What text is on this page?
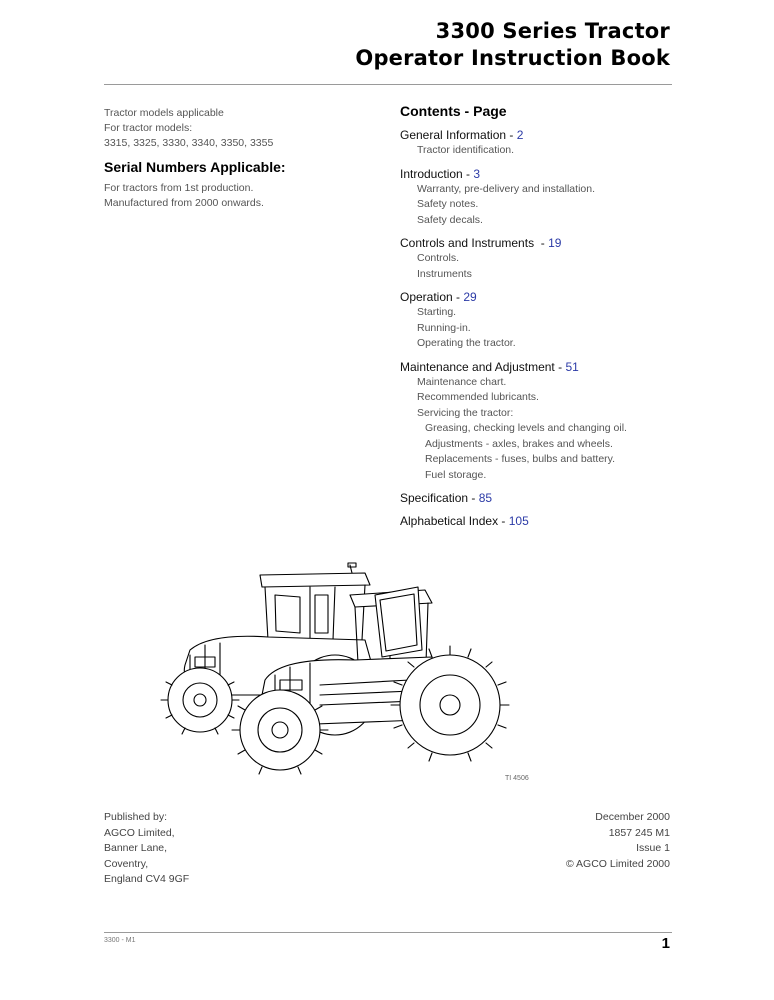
3300 Series Tractor
Operator Instruction Book
Tractor models applicable
For tractor models:
3315, 3325, 3330, 3340, 3350, 3355
Serial Numbers Applicable:
For tractors from 1st production.
Manufactured from 2000 onwards.
Contents - Page
General Information - 2
Tractor identification.
Introduction - 3
Warranty, pre-delivery and installation.
Safety notes.
Safety decals.
Controls and Instruments  - 19
Controls.
Instruments
Operation - 29
Starting.
Running-in.
Operating the tractor.
Maintenance and Adjustment - 51
Maintenance chart.
Recommended lubricants.
Servicing the tractor:
Greasing, checking levels and changing oil.
Adjustments - axles, brakes and wheels.
Replacements - fuses, bulbs and battery.
Fuel storage.
Specification - 85
Alphabetical Index - 105
TI 4506
Published by:
AGCO Limited,
Banner Lane,
Coventry,
England CV4 9GF
December 2000
1857 245 M1
Issue 1
© AGCO Limited 2000
3300 - M1	1
